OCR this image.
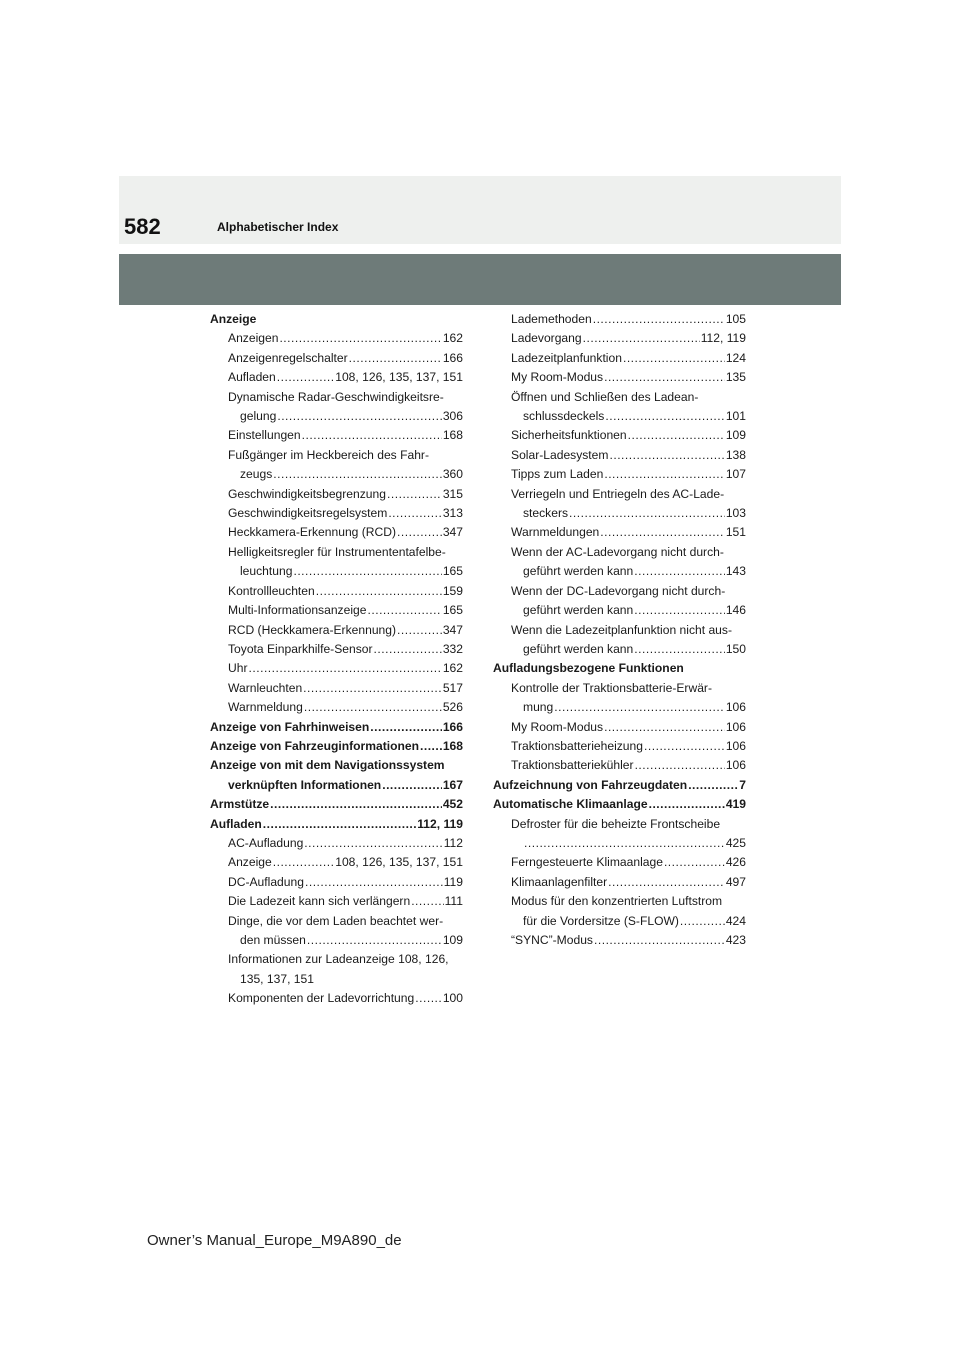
582	Alphabetischer Index
Anzeige
Anzeigen .....	162
Anzeigenregelschalter .....	166
Aufladen .....	108, 126, 135, 137, 151
Dynamische Radar-Geschwindigkeitsre-
gelung .....	306
Einstellungen .....	168
Fußgänger im Heckbereich des Fahr-
zeugs .....	360
Geschwindigkeitsbegrenzung .....	315
Geschwindigkeitsregelsystem .....	313
Heckkamera-Erkennung (RCD) .....	347
Helligkeitsregler für Instrumententafelbe-
leuchtung .....	165
Kontrollleuchten .....	159
Multi-Informationsanzeige .....	165
RCD (Heckkamera-Erkennung) .....	347
Toyota Einparkhilfe-Sensor .....	332
Uhr .....	162
Warnleuchten .....	517
Warnmeldung .....	526
Anzeige von Fahrhinweisen .....	166
Anzeige von Fahrzeuginformationen ..... 168
Anzeige von mit dem Navigationssystem
verknüpften Informationen .....	167
Armstütze .....	452
Aufladen .....	112, 119
AC-Aufladung .....	112
Anzeige .....	108, 126, 135, 137, 151
DC-Aufladung .....	119
Die Ladezeit kann sich verlängern .....	111
Dinge, die vor dem Laden beachtet wer-
den müssen .....	109
Informationen zur Ladeanzeige 108, 126,
135, 137, 151
Komponenten der Ladevorrichtung ..... 100
Lademethoden .....	105
Ladevorgang .....	112, 119
Ladezeitplanfunktion .....	124
My Room-Modus .....	135
Öffnen und Schließen des Ladean-
schlussdeckels .....	101
Sicherheitsfunktionen .....	109
Solar-Ladesystem .....	138
Tipps zum Laden .....	107
Verriegeln und Entriegeln des AC-Lade-
steckers .....	103
Warnmeldungen .....	151
Wenn der AC-Ladevorgang nicht durch-
geführt werden kann .....	143
Wenn der DC-Ladevorgang nicht durch-
geführt werden kann .....	146
Wenn die Ladezeitplanfunktion nicht aus-
geführt werden kann .....	150
Aufladungsbezogene Funktionen
Kontrolle der Traktionsbatterie-Erwär-
mung .....	106
My Room-Modus .....	106
Traktionsbatterieheizung .....	106
Traktionsbatteriekühler .....	106
Aufzeichnung von Fahrzeugdaten .....	7
Automatische Klimaanlage .....	419
Defroster für die beheizte Frontscheibe
.....
425
Ferngesteuerte Klimaanlage .....	426
Klimaanlagenfilter .....	497
Modus für den konzentrierten Luftstrom
für die Vordersitze (S-FLOW) .....	424
“SYNC”-Modus .....	423
Owner’s Manual_Europe_M9A890_de
